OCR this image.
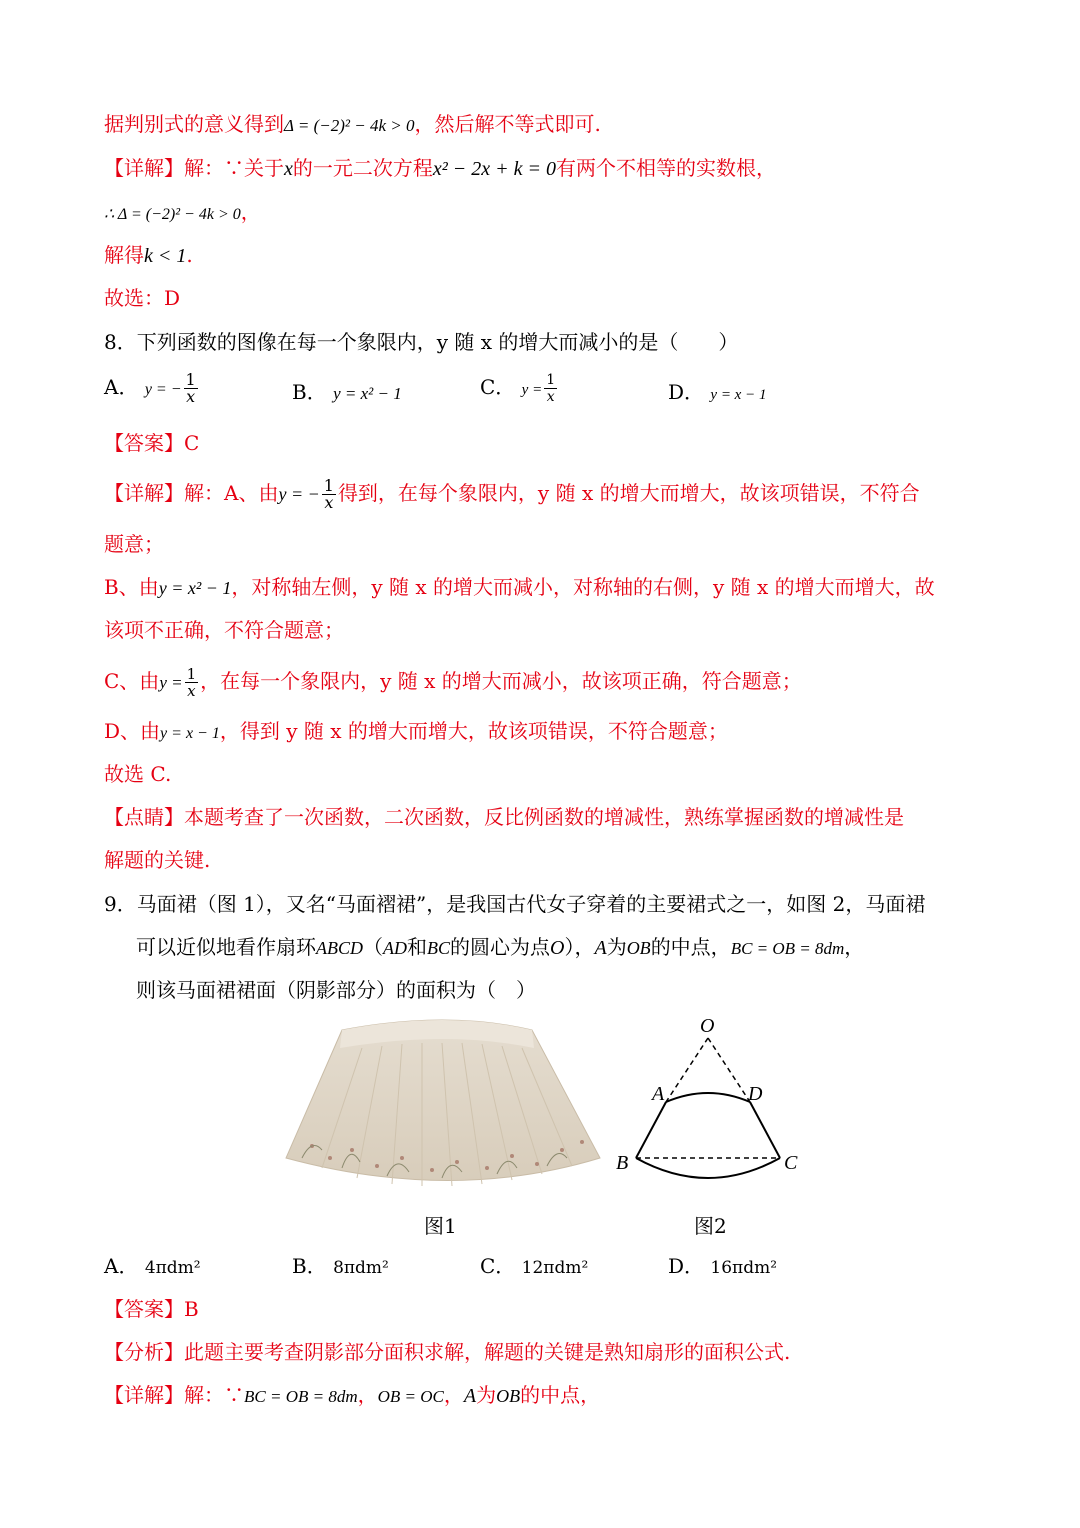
据判别式的意义得到Δ = (−2)² − 4k > 0，然后解不等式即可.
【详解】解：∵关于x的一元二次方程x² − 2x + k = 0有两个不相等的实数根，
∴ Δ = (−2)² − 4k > 0，
解得k < 1.
故选：D
8．下列函数的图像在每一个象限内，y 随 x 的增大而减小的是（　　）
A． y = − $\frac{1}{x}$	B． y = x² − 1	C． $y = \frac{1}{x}$	D． y = x − 1
【答案】C
【详解】解：A、由y = − $\frac{1}{x}$ 得到，在每个象限内，y 随 x 的增大而增大，故该项错误，不符合
题意；
B、由y = x² − 1，对称轴左侧，y 随 x 的增大而减小，对称轴的右侧，y 随 x 的增大而增大，故
该项不正确，不符合题意；
C、由$y = \frac{1}{x}$ ，在每一个象限内，y 随 x 的增大而减小，故该项正确，符合题意；
D、由y = x − 1，得到 y 随 x 的增大而增大，故该项错误，不符合题意；
故选 C.
【点睛】本题考查了一次函数，二次函数，反比例函数的增减性，熟练掌握函数的增减性是
解题的关键.
9．马面裙（图 1），又名“马面褶裙”，是我国古代女子穿着的主要裙式之一，如图 2，马面裙
可以近似地看作扇环ABCD（AD和BC的圆心为点O），A为OB的中点，BC = OB = 8dm，
则该马面裙裙面（阴影部分）的面积为（　）
O
A	D
B	C
图1	图2
A． 4πdm²	B． 8πdm²	C． 12πdm²	D． 16πdm²
【答案】B
【分析】此题主要考查阴影部分面积求解，解题的关键是熟知扇形的面积公式.
【详解】解：∵BC = OB = 8dm，OB = OC，A为OB的中点，
